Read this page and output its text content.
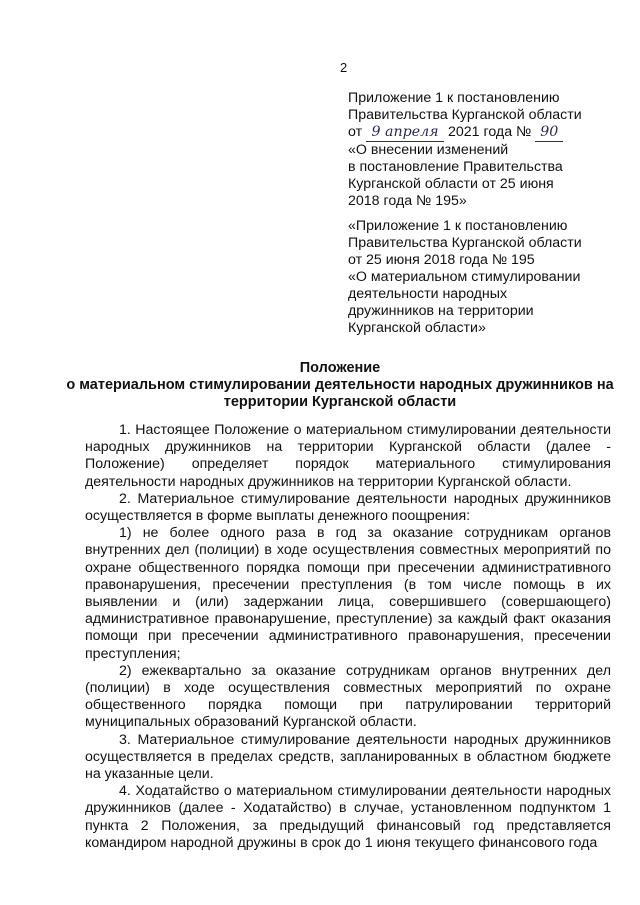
2
Приложение 1 к постановлению
Правительства Курганской области
от 9 апреля 2021 года № 90
«О внесении изменений
в постановление Правительства
Курганской области от 25 июня
2018 года № 195»
«Приложение 1 к постановлению
Правительства Курганской области
от 25 июня 2018 года № 195
«О материальном стимулировании
деятельности народных
дружинников на территории
Курганской области»
Положение
о материальном стимулировании деятельности народных дружинников на
территории Курганской области

1. Настоящее Положение о материальном стимулировании деятельности народных дружинников на территории Курганской области (далее - Положение) определяет порядок материального стимулирования деятельности народных дружинников на территории Курганской области.

2. Материальное стимулирование деятельности народных дружинников осуществляется в форме выплаты денежного поощрения:

1) не более одного раза в год за оказание сотрудникам органов внутренних дел (полиции) в ходе осуществления совместных мероприятий по охране общественного порядка помощи при пресечении административного правонарушения, пресечении преступления (в том числе помощь в их выявлении и (или) задержании лица, совершившего (совершающего) административное правонарушение, преступление) за каждый факт оказания помощи при пресечении административного правонарушения, пресечении преступления;

2) ежеквартально за оказание сотрудникам органов внутренних дел (полиции) в ходе осуществления совместных мероприятий по охране общественного порядка помощи при патрулировании территорий муниципальных образований Курганской области.

3. Материальное стимулирование деятельности народных дружинников осуществляется в пределах средств, запланированных в областном бюджете на указанные цели.

4. Ходатайство о материальном стимулировании деятельности народных дружинников (далее - Ходатайство) в случае, установленном подпунктом 1 пункта 2 Положения, за предыдущий финансовый год представляется командиром народной дружины в срок до 1 июня текущего финансового года
